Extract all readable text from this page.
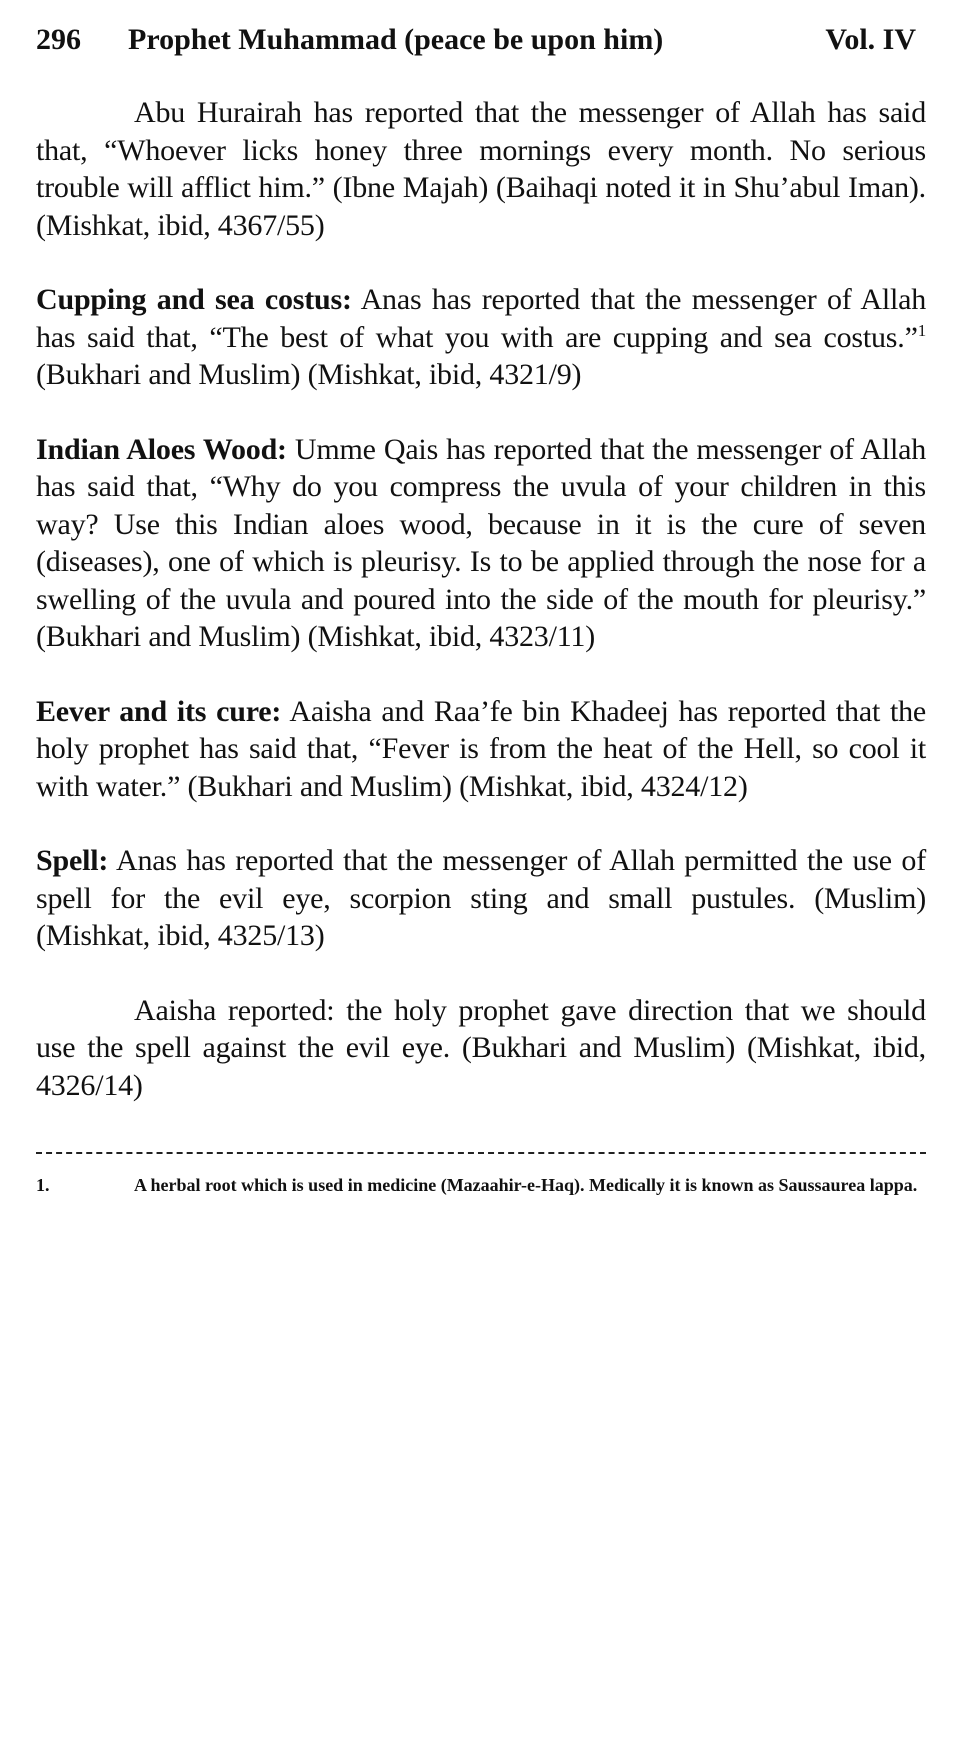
296	Prophet Muhammad (peace be upon him)	Vol. IV

Abu Hurairah has reported that the messenger of Allah has said that, “Whoever licks honey three mornings every month. No serious trouble will afflict him.” (Ibne Majah) (Baihaqi noted it in Shu’abul Iman). (Mishkat, ibid, 4367/55)

Cupping and sea costus: Anas has reported that the messenger of Allah has said that, “The best of what you with are cupping and sea costus.”$^1$ (Bukhari and Muslim) (Mishkat, ibid, 4321/9)

Indian Aloes Wood: Umme Qais has reported that the messenger of Allah has said that, “Why do you compress the uvula of your children in this way? Use this Indian aloes wood, because in it is the cure of seven (diseases), one of which is pleurisy. Is to be applied through the nose for a swelling of the uvula and poured into the side of the mouth for pleurisy.” (Bukhari and Muslim) (Mishkat, ibid, 4323/11)

Eever and its cure: Aaisha and Raa’fe bin Khadeej has reported that the holy prophet has said that, “Fever is from the heat of the Hell, so cool it with water.” (Bukhari and Muslim) (Mishkat, ibid, 4324/12)

Spell: Anas has reported that the messenger of Allah permitted the use of spell for the evil eye, scorpion sting and small pustules. (Muslim) (Mishkat, ibid, 4325/13)

Aaisha reported: the holy prophet gave direction that we should use the spell against the evil eye. (Bukhari and Muslim) (Mishkat, ibid, 4326/14)

1.	A herbal root which is used in medicine (Mazaahir-e-Haq). Medically it is known as Saussaurea lappa.
